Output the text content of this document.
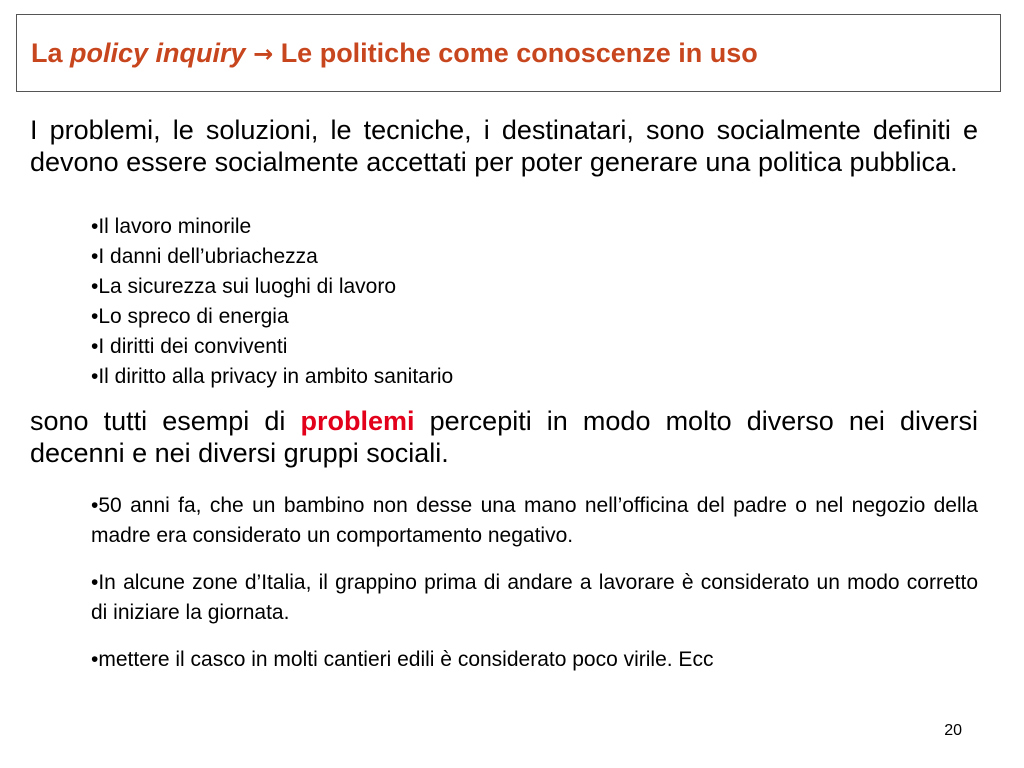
La policy inquiry → Le politiche come conoscenze in uso

I problemi, le soluzioni, le tecniche, i destinatari, sono socialmente definiti e devono essere socialmente accettati per poter generare una politica pubblica.

•Il lavoro minorile
•I danni dell’ubriachezza
•La sicurezza sui luoghi di lavoro
•Lo spreco di energia
•I diritti dei conviventi
•Il diritto alla privacy in ambito sanitario

sono tutti esempi di problemi percepiti in modo molto diverso nei diversi decenni e nei diversi gruppi sociali.

•50 anni fa, che un bambino non desse una mano nell’officina del padre o nel negozio della madre era considerato un comportamento negativo.
•In alcune zone d’Italia, il grappino prima di andare a lavorare è considerato un modo corretto di iniziare la giornata.
•mettere il casco in molti cantieri edili è considerato poco virile. Ecc
20
